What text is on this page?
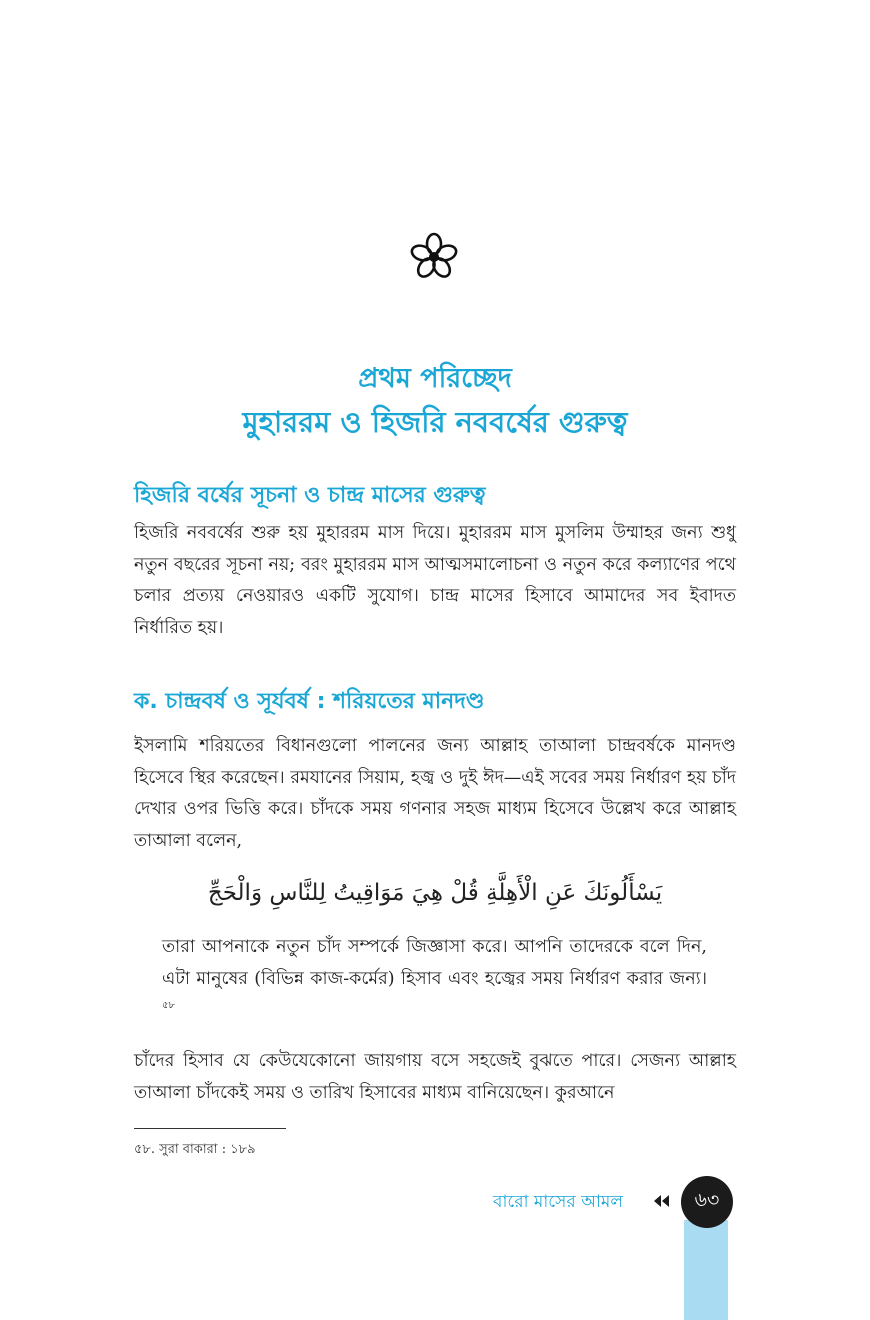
প্রথম পরিচ্ছেদ
মুহাররম ও হিজরি নববর্ষের গুরুত্ব
হিজরি বর্ষের সূচনা ও চান্দ্র মাসের গুরুত্ব

হিজরি নববর্ষের শুরু হয় মুহাররম মাস দিয়ে। মুহাররম মাস মুসলিম উম্মাহর জন্য শুধু নতুন বছরের সূচনা নয়; বরং মুহাররম মাস আত্মসমালোচনা ও নতুন করে কল্যাণের পথে চলার প্রত্যয় নেওয়ারও একটি সুযোগ। চান্দ্র মাসের হিসাবে আমাদের সব ইবাদত নির্ধারিত হয়।

ক. চান্দ্রবর্ষ ও সূর্যবর্ষ : শরিয়তের মানদণ্ড

ইসলামি শরিয়তের বিধানগুলো পালনের জন্য আল্লাহ তাআলা চান্দ্রবর্ষকে মানদণ্ড হিসেবে স্থির করেছেন। রমযানের সিয়াম, হজ্ব ও দুই ঈদ—এই সবের সময় নির্ধারণ হয় চাঁদ দেখার ওপর ভিত্তি করে। চাঁদকে সময় গণনার সহজ মাধ্যম হিসেবে উল্লেখ করে আল্লাহ তাআলা বলেন,

يَسْأَلُونَكَ عَنِ الْأَهِلَّةِ قُلْ هِيَ مَوَاقِيتُ لِلنَّاسِ وَالْحَجِّ

তারা আপনাকে নতুন চাঁদ সম্পর্কে জিজ্ঞাসা করে। আপনি তাদেরকে বলে দিন, এটা মানুষের (বিভিন্ন কাজ-কর্মের) হিসাব এবং হজ্বের সময় নির্ধারণ করার জন্য।$^{৫৮}$

চাঁদের হিসাব যে কেউযেকোনো জায়গায় বসে সহজেই বুঝতে পারে। সেজন্য আল্লাহ তাআলা চাঁদকেই সময় ও তারিখ হিসাবের মাধ্যম বানিয়েছেন। কুরআনে

৫৮. সুরা বাকারা : ১৮৯
বারো মাসের আমল	৬৩
